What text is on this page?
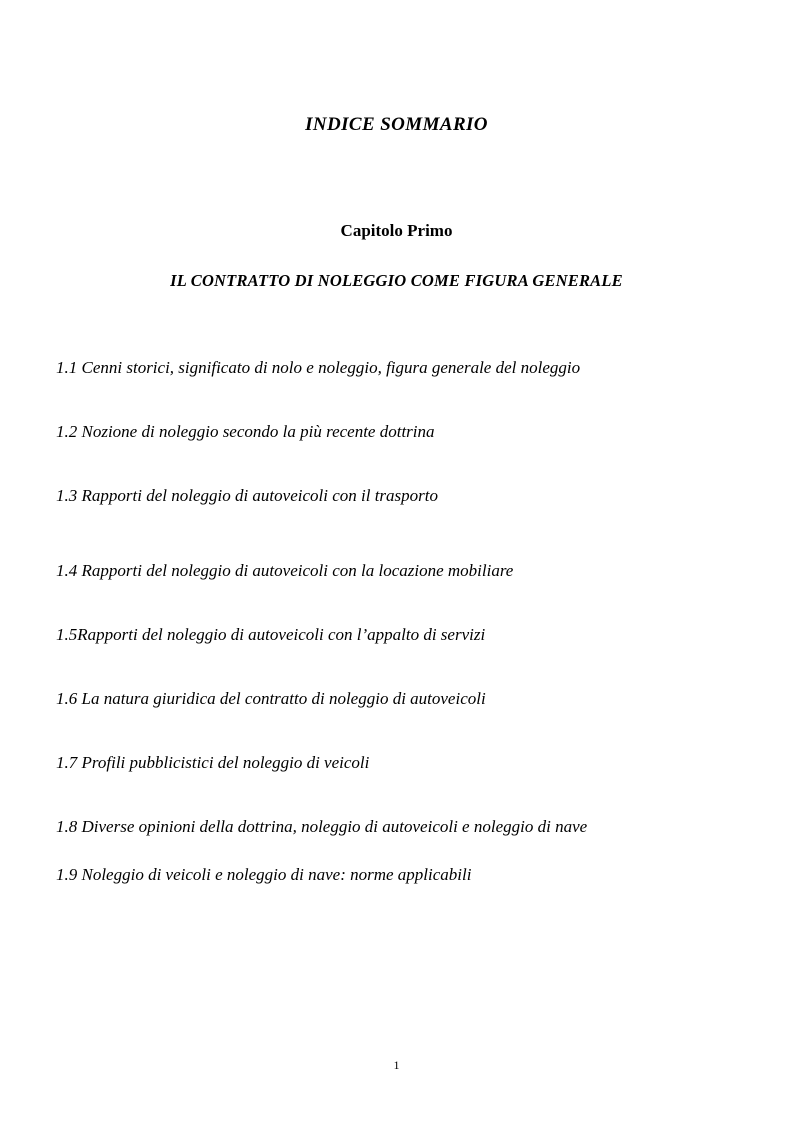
INDICE SOMMARIO
Capitolo Primo
IL CONTRATTO DI NOLEGGIO COME FIGURA GENERALE
1.1 Cenni storici, significato di nolo e noleggio, figura generale del noleggio
1.2 Nozione di noleggio secondo la più recente dottrina
1.3 Rapporti del noleggio di autoveicoli con il trasporto
1.4 Rapporti del noleggio di autoveicoli con la locazione mobiliare
1.5Rapporti del noleggio di autoveicoli con l’appalto di servizi
1.6 La natura giuridica del contratto di noleggio di autoveicoli
1.7 Profili pubblicistici del noleggio di veicoli
1.8 Diverse opinioni della dottrina, noleggio di autoveicoli e noleggio di nave
1.9 Noleggio di veicoli e noleggio di nave: norme applicabili
1
